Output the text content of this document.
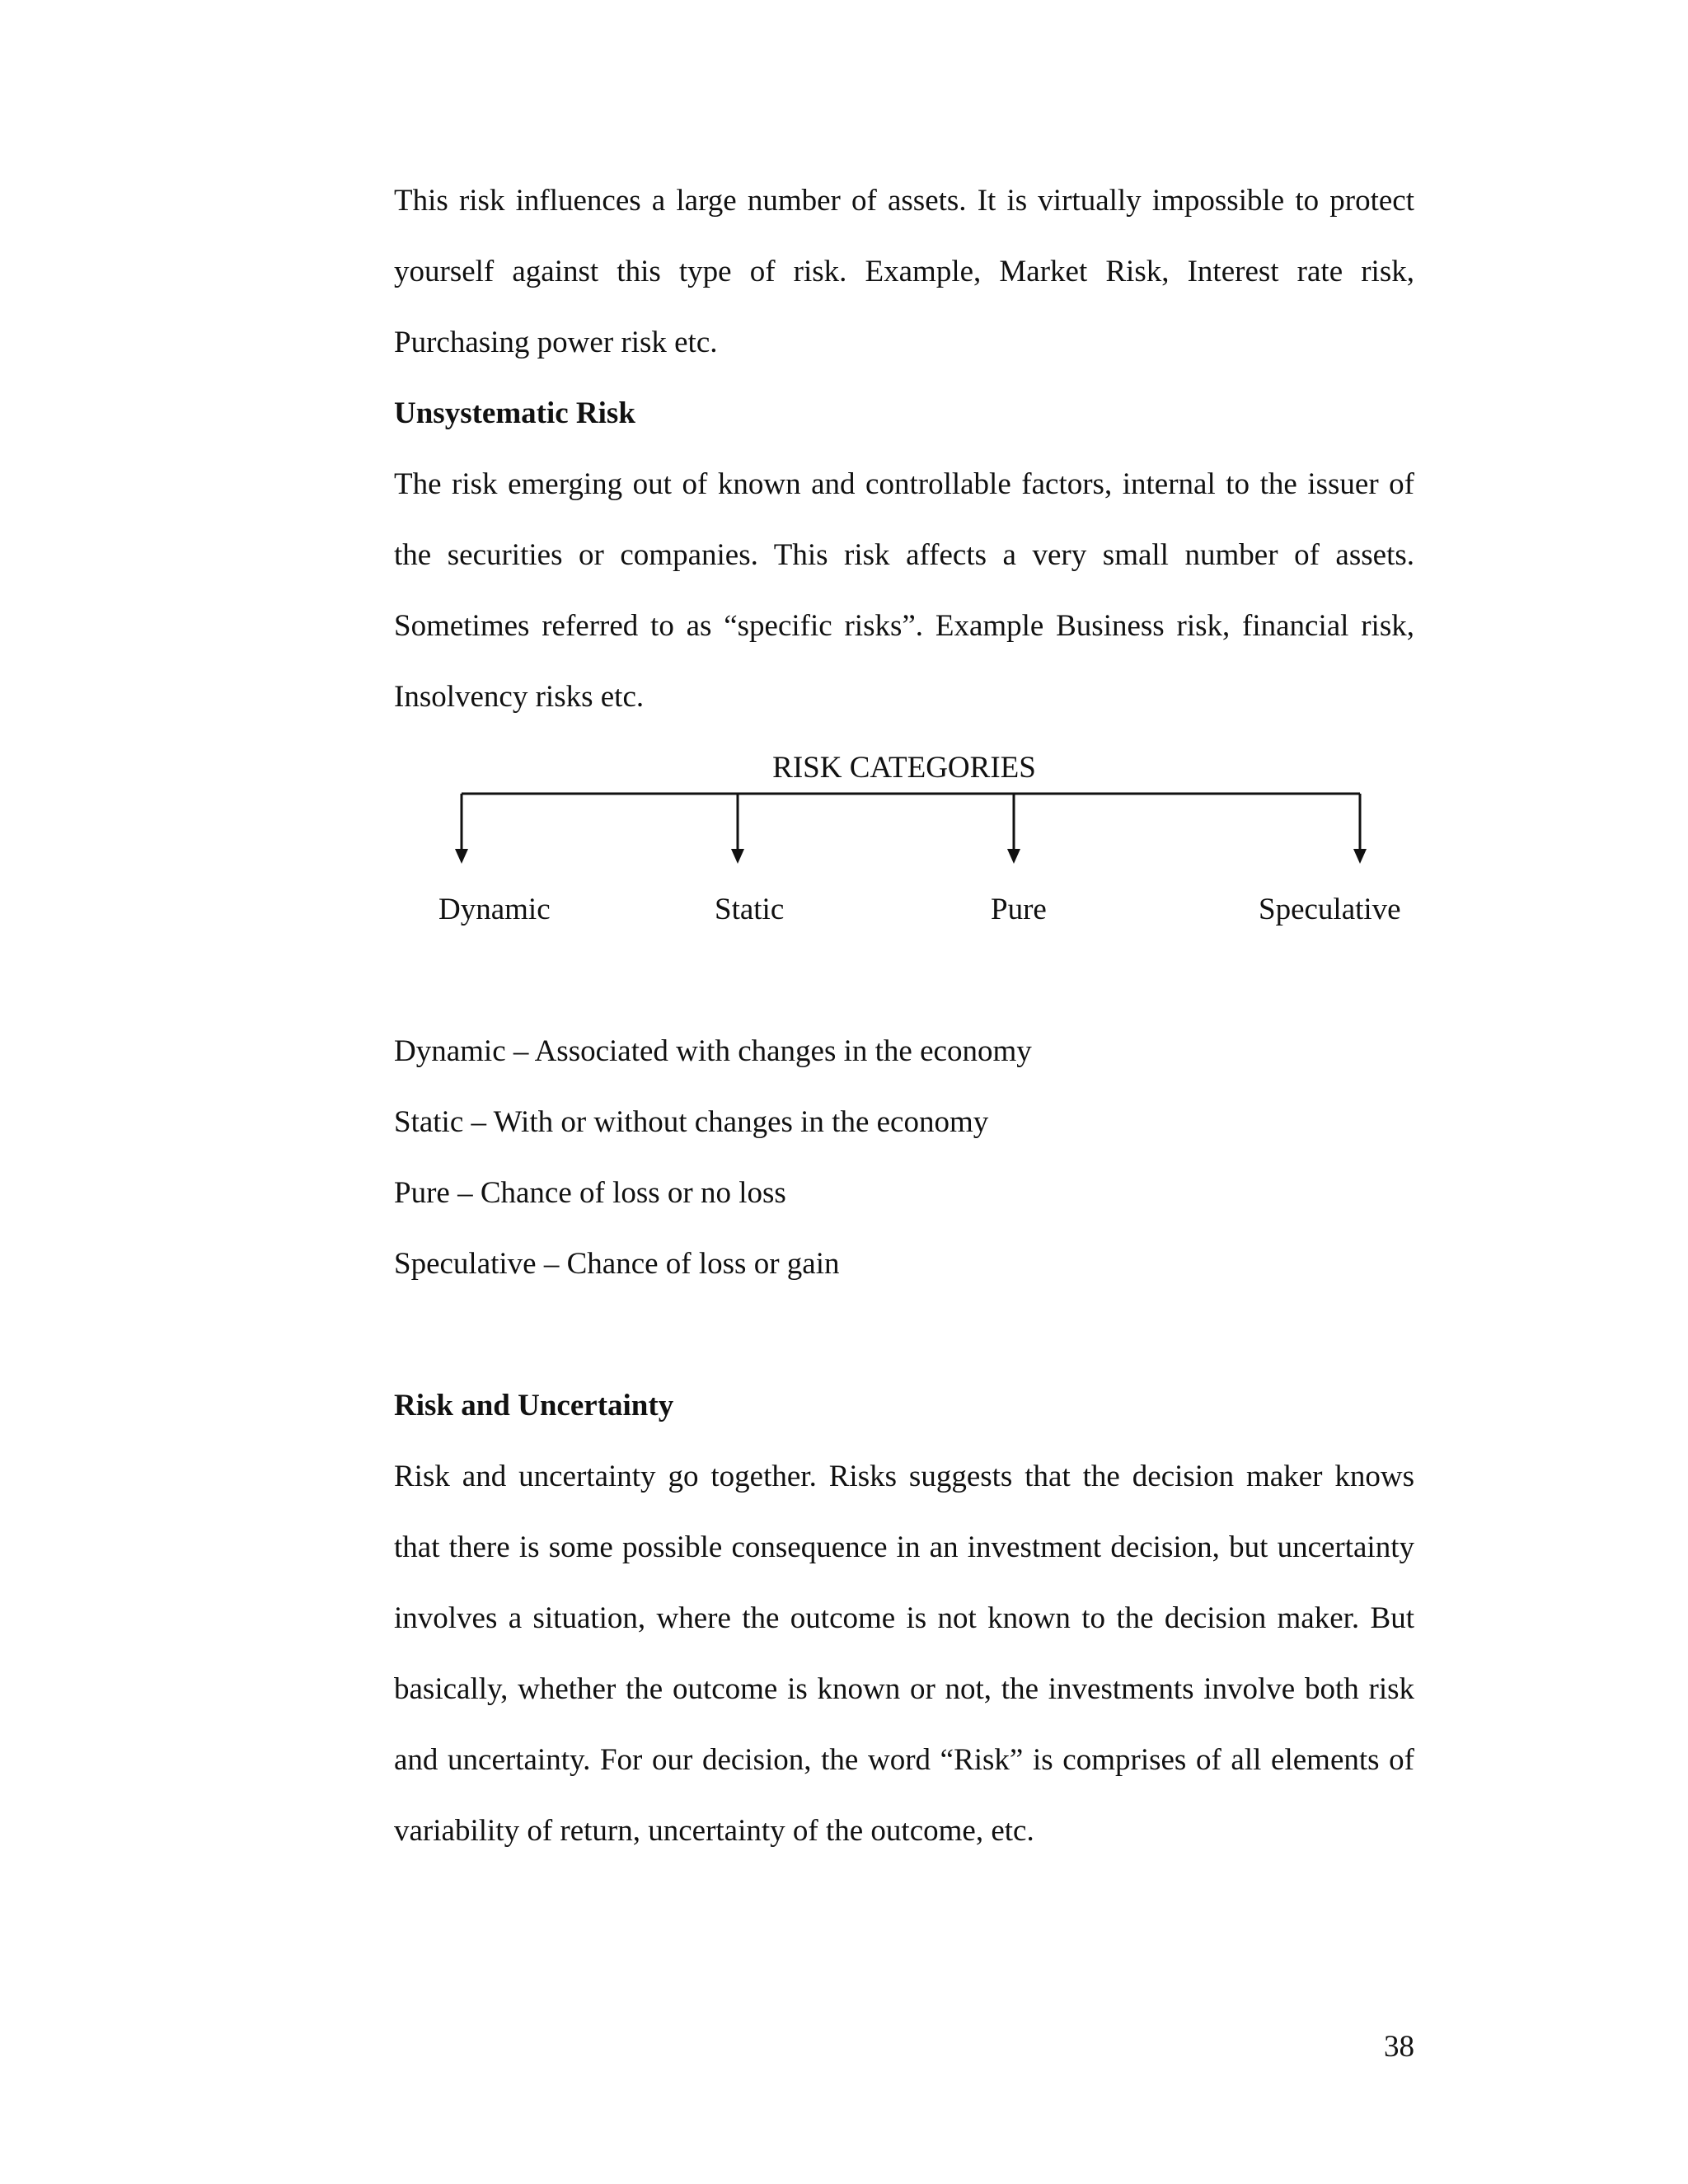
This risk influences a large number of assets. It is virtually impossible to protect
yourself against this type of risk. Example, Market Risk, Interest rate risk,
Purchasing power risk etc.
Unsystematic Risk
The risk emerging out of known and controllable factors, internal to the issuer of
the securities or companies. This risk affects a very small number of assets.
Sometimes referred to as “specific risks”. Example Business risk, financial risk,
Insolvency risks etc.
RISK CATEGORIES
Dynamic	Static	Pure	Speculative
Dynamic – Associated with changes in the economy
Static – With or without changes in the economy
Pure – Chance of loss or no loss
Speculative – Chance of loss or gain
Risk and Uncertainty
Risk and uncertainty go together. Risks suggests that the decision maker knows
that there is some possible consequence in an investment decision, but uncertainty
involves a situation, where the outcome is not known to the decision maker. But
basically, whether the outcome is known or not, the investments involve both risk
and uncertainty. For our decision, the word “Risk” is comprises of all elements of
variability of return, uncertainty of the outcome, etc.
38
